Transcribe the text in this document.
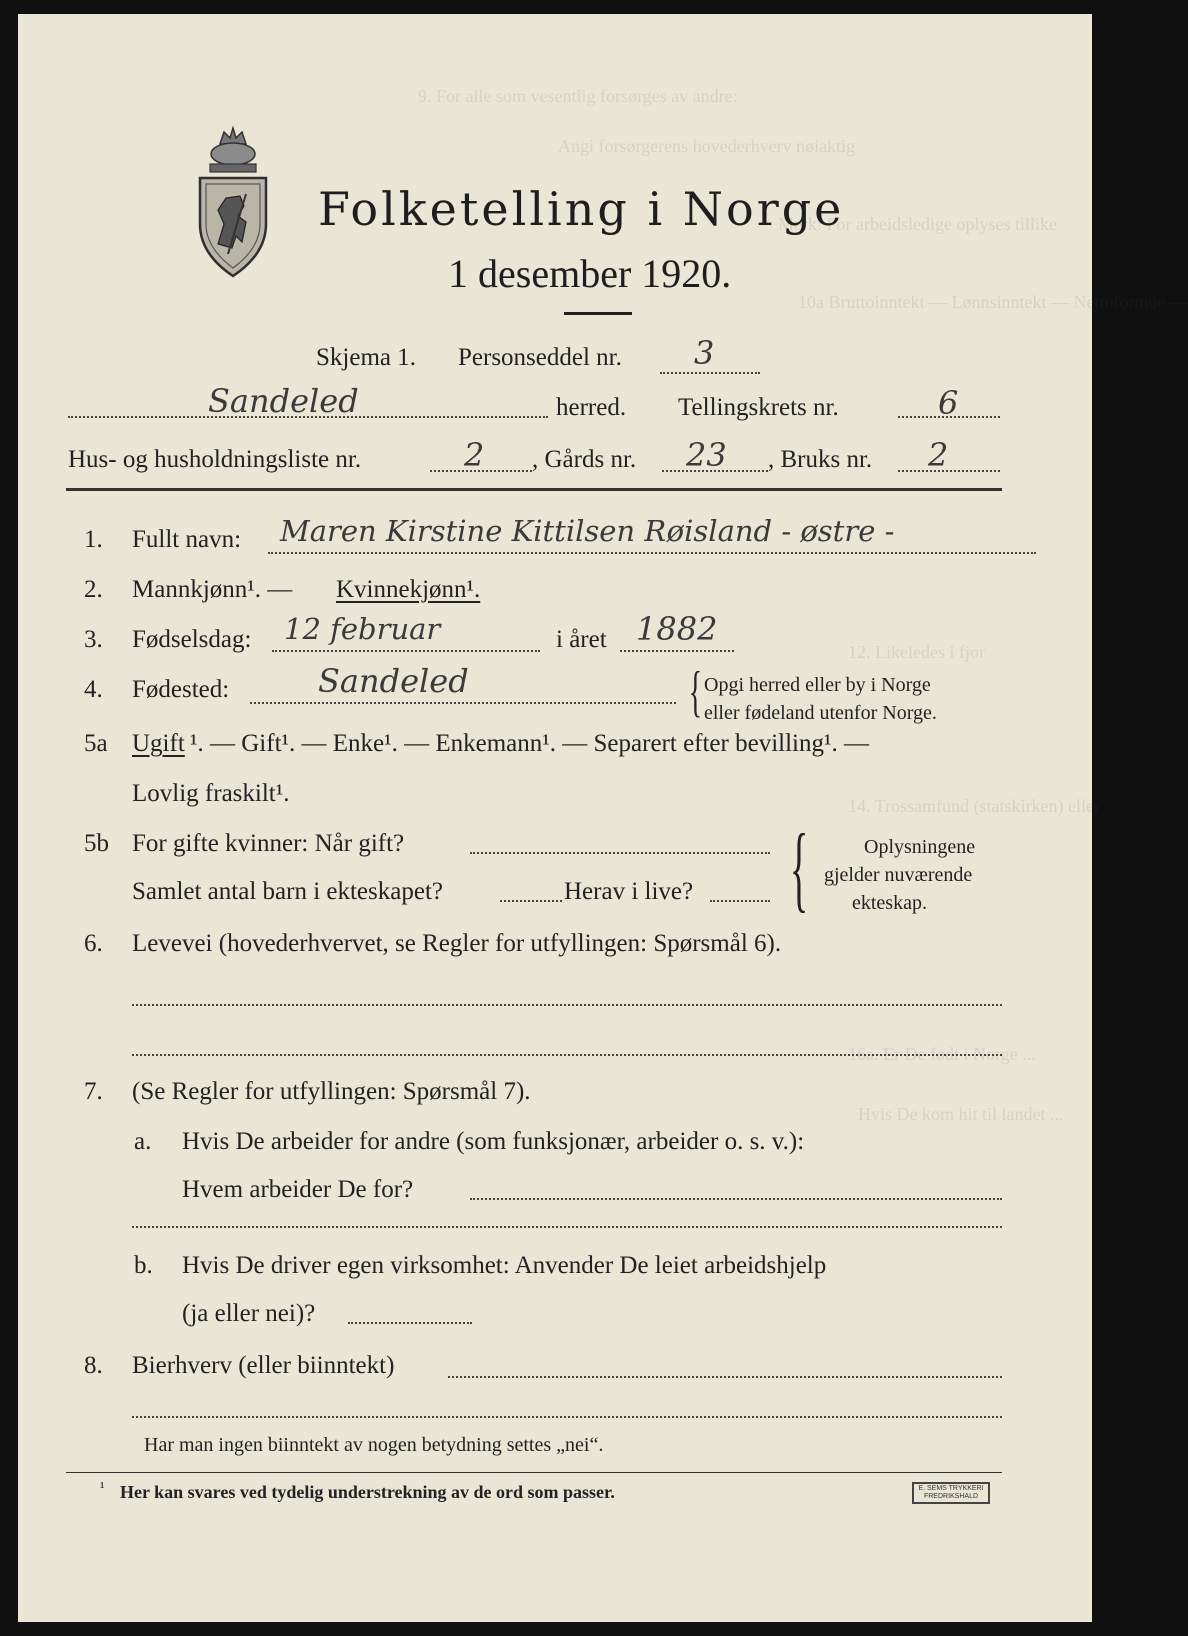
9. For alle som vesentlig forsørges av andre:
Angi forsørgerens hovederhverv nøiaktig
Merk: For arbeidsledige oplyses tillike
10a Bruttoinntekt — Lønnsinntekt — Nettoformue —
12. Likeledes i fjor
14. Trossamfund (statskirken) eller
16a. Er De født i Norge ...
Hvis De kom hit til landet ...
Folketelling i Norge
1 desember 1920.
Skjema 1. Personseddel nr. 3
Sandeled	herred. Tellingskrets nr.	6
Hus- og husholdningsliste nr.	2 , Gårds nr. 23 , Bruks nr. 2
1. Fullt navn: Maren Kirstine Kittilsen Røisland - østre -
2. Mannkjønn¹. — Kvinnekjønn¹.
3. Fødselsdag: 12 februar	i året 1882
4. Fødested:	Sandeled	{ Opgi herred eller by i Norge
eller fødeland utenfor Norge.
5a Ugift ¹. — Gift¹. — Enke¹. — Enkemann¹. — Separert efter bevilling¹. —
Lovlig fraskilt¹.
5b For gifte kvinner: Når gift?
Samlet antal barn i ekteskapet?	Herav i live? {	Oplysningene
gjelder nuværende
ekteskap.
6. Levevei (hovederhvervet, se Regler for utfyllingen: Spørsmål 6).
7. (Se Regler for utfyllingen: Spørsmål 7).
a. Hvis De arbeider for andre (som funksjonær, arbeider o. s. v.):
Hvem arbeider De for?
b. Hvis De driver egen virksomhet: Anvender De leiet arbeidshjelp
(ja eller nei)?
8. Bierhverv (eller biinntekt)
Har man ingen biinntekt av nogen betydning settes „nei“.
¹ Her kan svares ved tydelig understrekning av de ord som passer.	E. SEMS TRYKKERI FREDRIKSHALD
